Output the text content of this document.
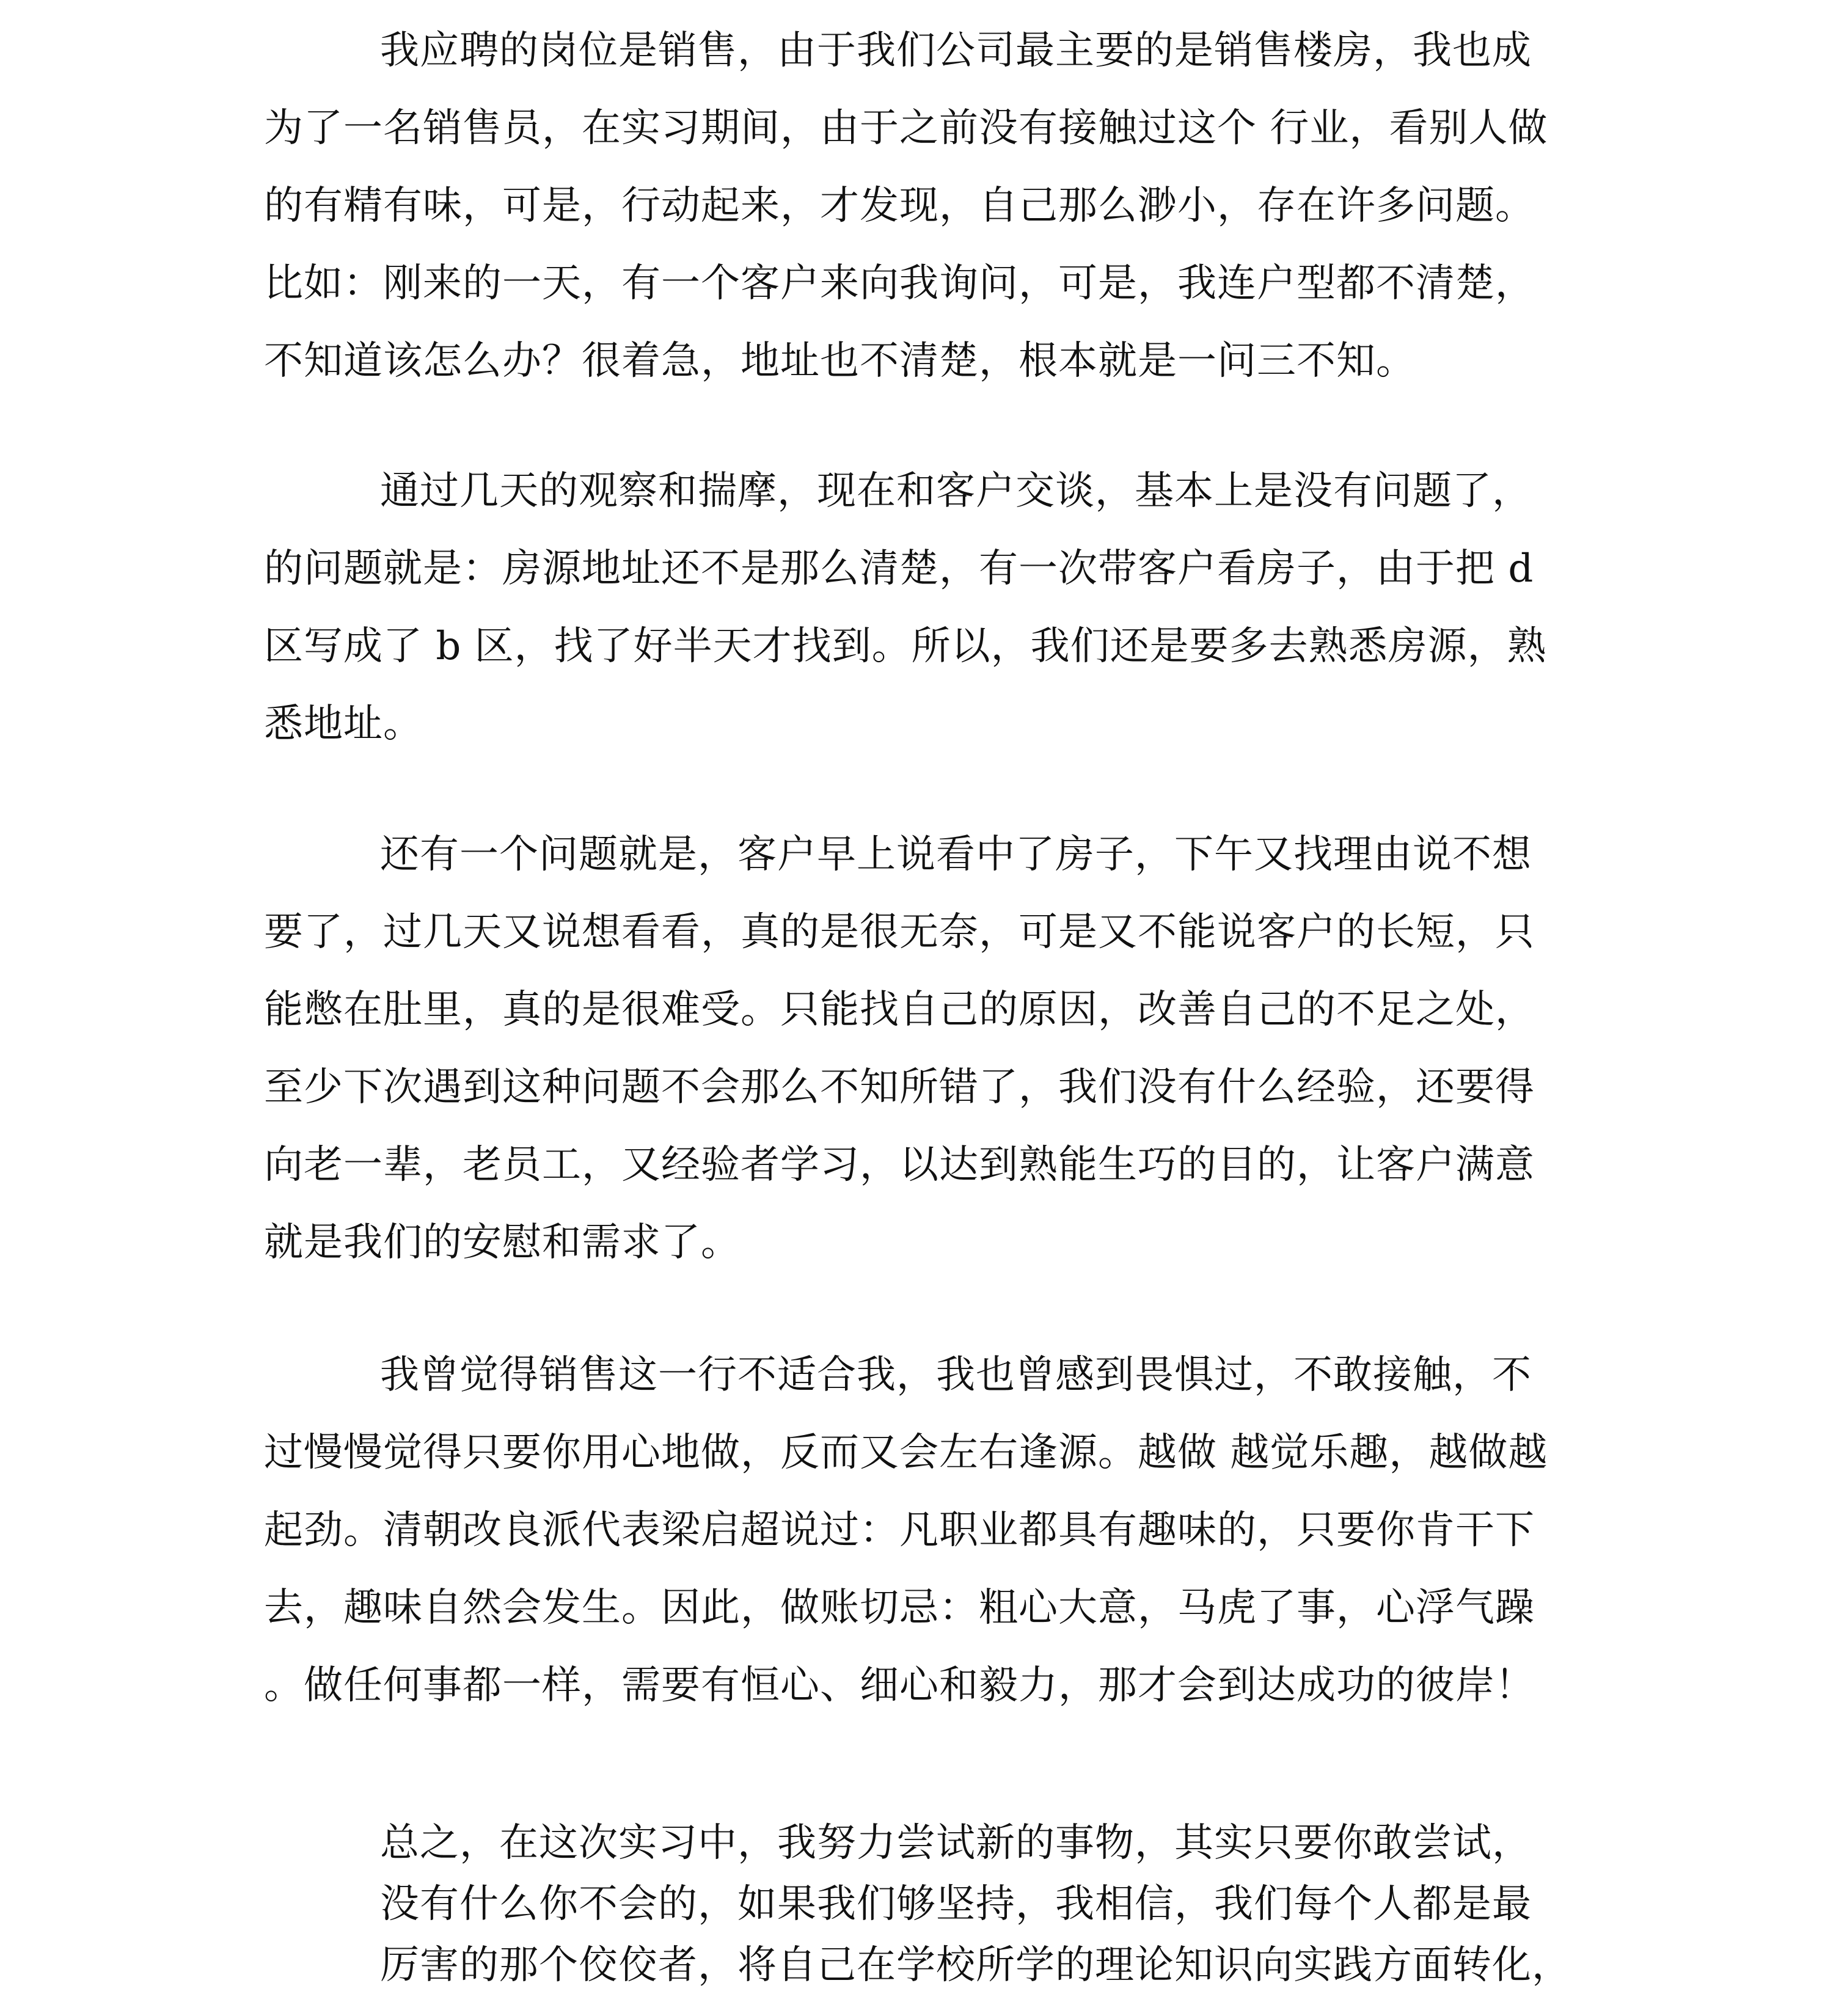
我应聘的岗位是销售，由于我们公司最主要的是销售楼房，我也成
为了一名销售员，在实习期间，由于之前没有接触过这个 行业，看别人做
的有精有味，可是，行动起来，才发现，自己那么渺小，存在许多问题。
比如：刚来的一天，有一个客户来向我询问，可是，我连户型都不清楚，
不知道该怎么办？很着急，地址也不清楚，根本就是一问三不知。
通过几天的观察和揣摩，现在和客户交谈，基本上是没有问题了，
的问题就是：房源地址还不是那么清楚，有一次带客户看房子，由于把 d
区写成了 b 区，找了好半天才找到。所以，我们还是要多去熟悉房源，熟
悉地址。
还有一个问题就是，客户早上说看中了房子，下午又找理由说不想
要了，过几天又说想看看，真的是很无奈，可是又不能说客户的长短，只
能憋在肚里，真的是很难受。只能找自己的原因，改善自己的不足之处，
至少下次遇到这种问题不会那么不知所错了，我们没有什么经验，还要得
向老一辈，老员工，又经验者学习，以达到熟能生巧的目的，让客户满意
就是我们的安慰和需求了。
我曾觉得销售这一行不适合我，我也曾感到畏惧过，不敢接触，不
过慢慢觉得只要你用心地做，反而又会左右逢源。越做 越觉乐趣，越做越
起劲。清朝改良派代表梁启超说过：凡职业都具有趣味的，只要你肯干下
去，趣味自然会发生。因此，做账切忌：粗心大意，马虎了事，心浮气躁
。做任何事都一样，需要有恒心、细心和毅力，那才会到达成功的彼岸！
总之，在这次实习中，我努力尝试新的事物，其实只要你敢尝试，
没有什么你不会的，如果我们够坚持，我相信，我们每个人都是最
厉害的那个佼佼者，将自己在学校所学的理论知识向实践方面转化，
